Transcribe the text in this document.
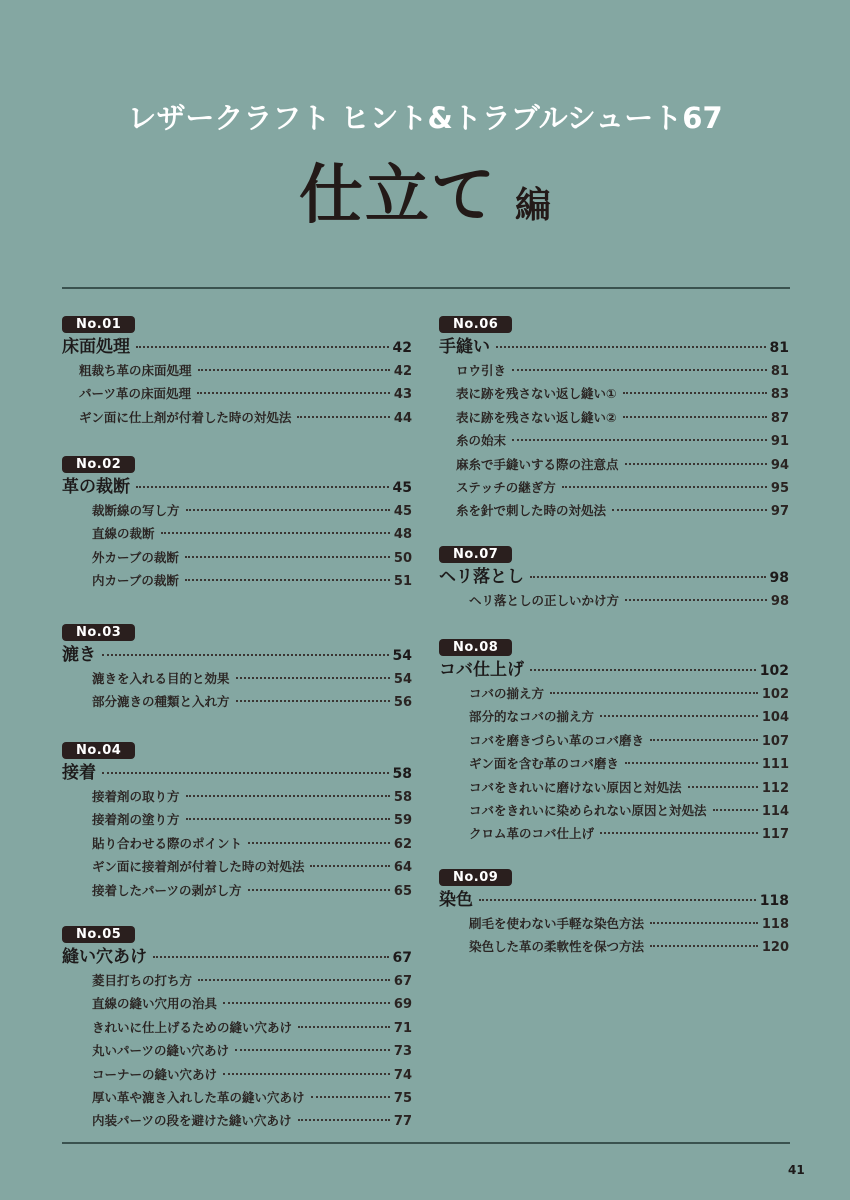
レザークラフト ヒント&トラブルシュート67
仕立て 編
No.01
床面処理	42
粗裁ち革の床面処理	42
パーツ革の床面処理	43
ギン面に仕上剤が付着した時の対処法	44
No.02
革の裁断	45
裁断線の写し方	45
直線の裁断	48
外カーブの裁断	50
内カーブの裁断	51
No.03
漉き	54
漉きを入れる目的と効果	54
部分漉きの種類と入れ方	56
No.04
接着	58
接着剤の取り方	58
接着剤の塗り方	59
貼り合わせる際のポイント	62
ギン面に接着剤が付着した時の対処法	64
接着したパーツの剥がし方	65
No.05
縫い穴あけ	67
菱目打ちの打ち方	67
直線の縫い穴用の治具	69
きれいに仕上げるための縫い穴あけ	71
丸いパーツの縫い穴あけ	73
コーナーの縫い穴あけ	74
厚い革や漉き入れした革の縫い穴あけ	75
内装パーツの段を避けた縫い穴あけ	77
No.06
手縫い	81
ロウ引き	81
表に跡を残さない返し縫い①	83
表に跡を残さない返し縫い②	87
糸の始末	91
麻糸で手縫いする際の注意点	94
ステッチの継ぎ方	95
糸を針で刺した時の対処法	97
No.07
ヘリ落とし	98
ヘリ落としの正しいかけ方	98
No.08
コバ仕上げ	102
コバの揃え方	102
部分的なコバの揃え方	104
コバを磨きづらい革のコバ磨き	107
ギン面を含む革のコバ磨き	111
コバをきれいに磨けない原因と対処法	112
コバをきれいに染められない原因と対処法	114
クロム革のコバ仕上げ	117
No.09
染色	118
刷毛を使わない手軽な染色方法	118
染色した革の柔軟性を保つ方法	120
41
